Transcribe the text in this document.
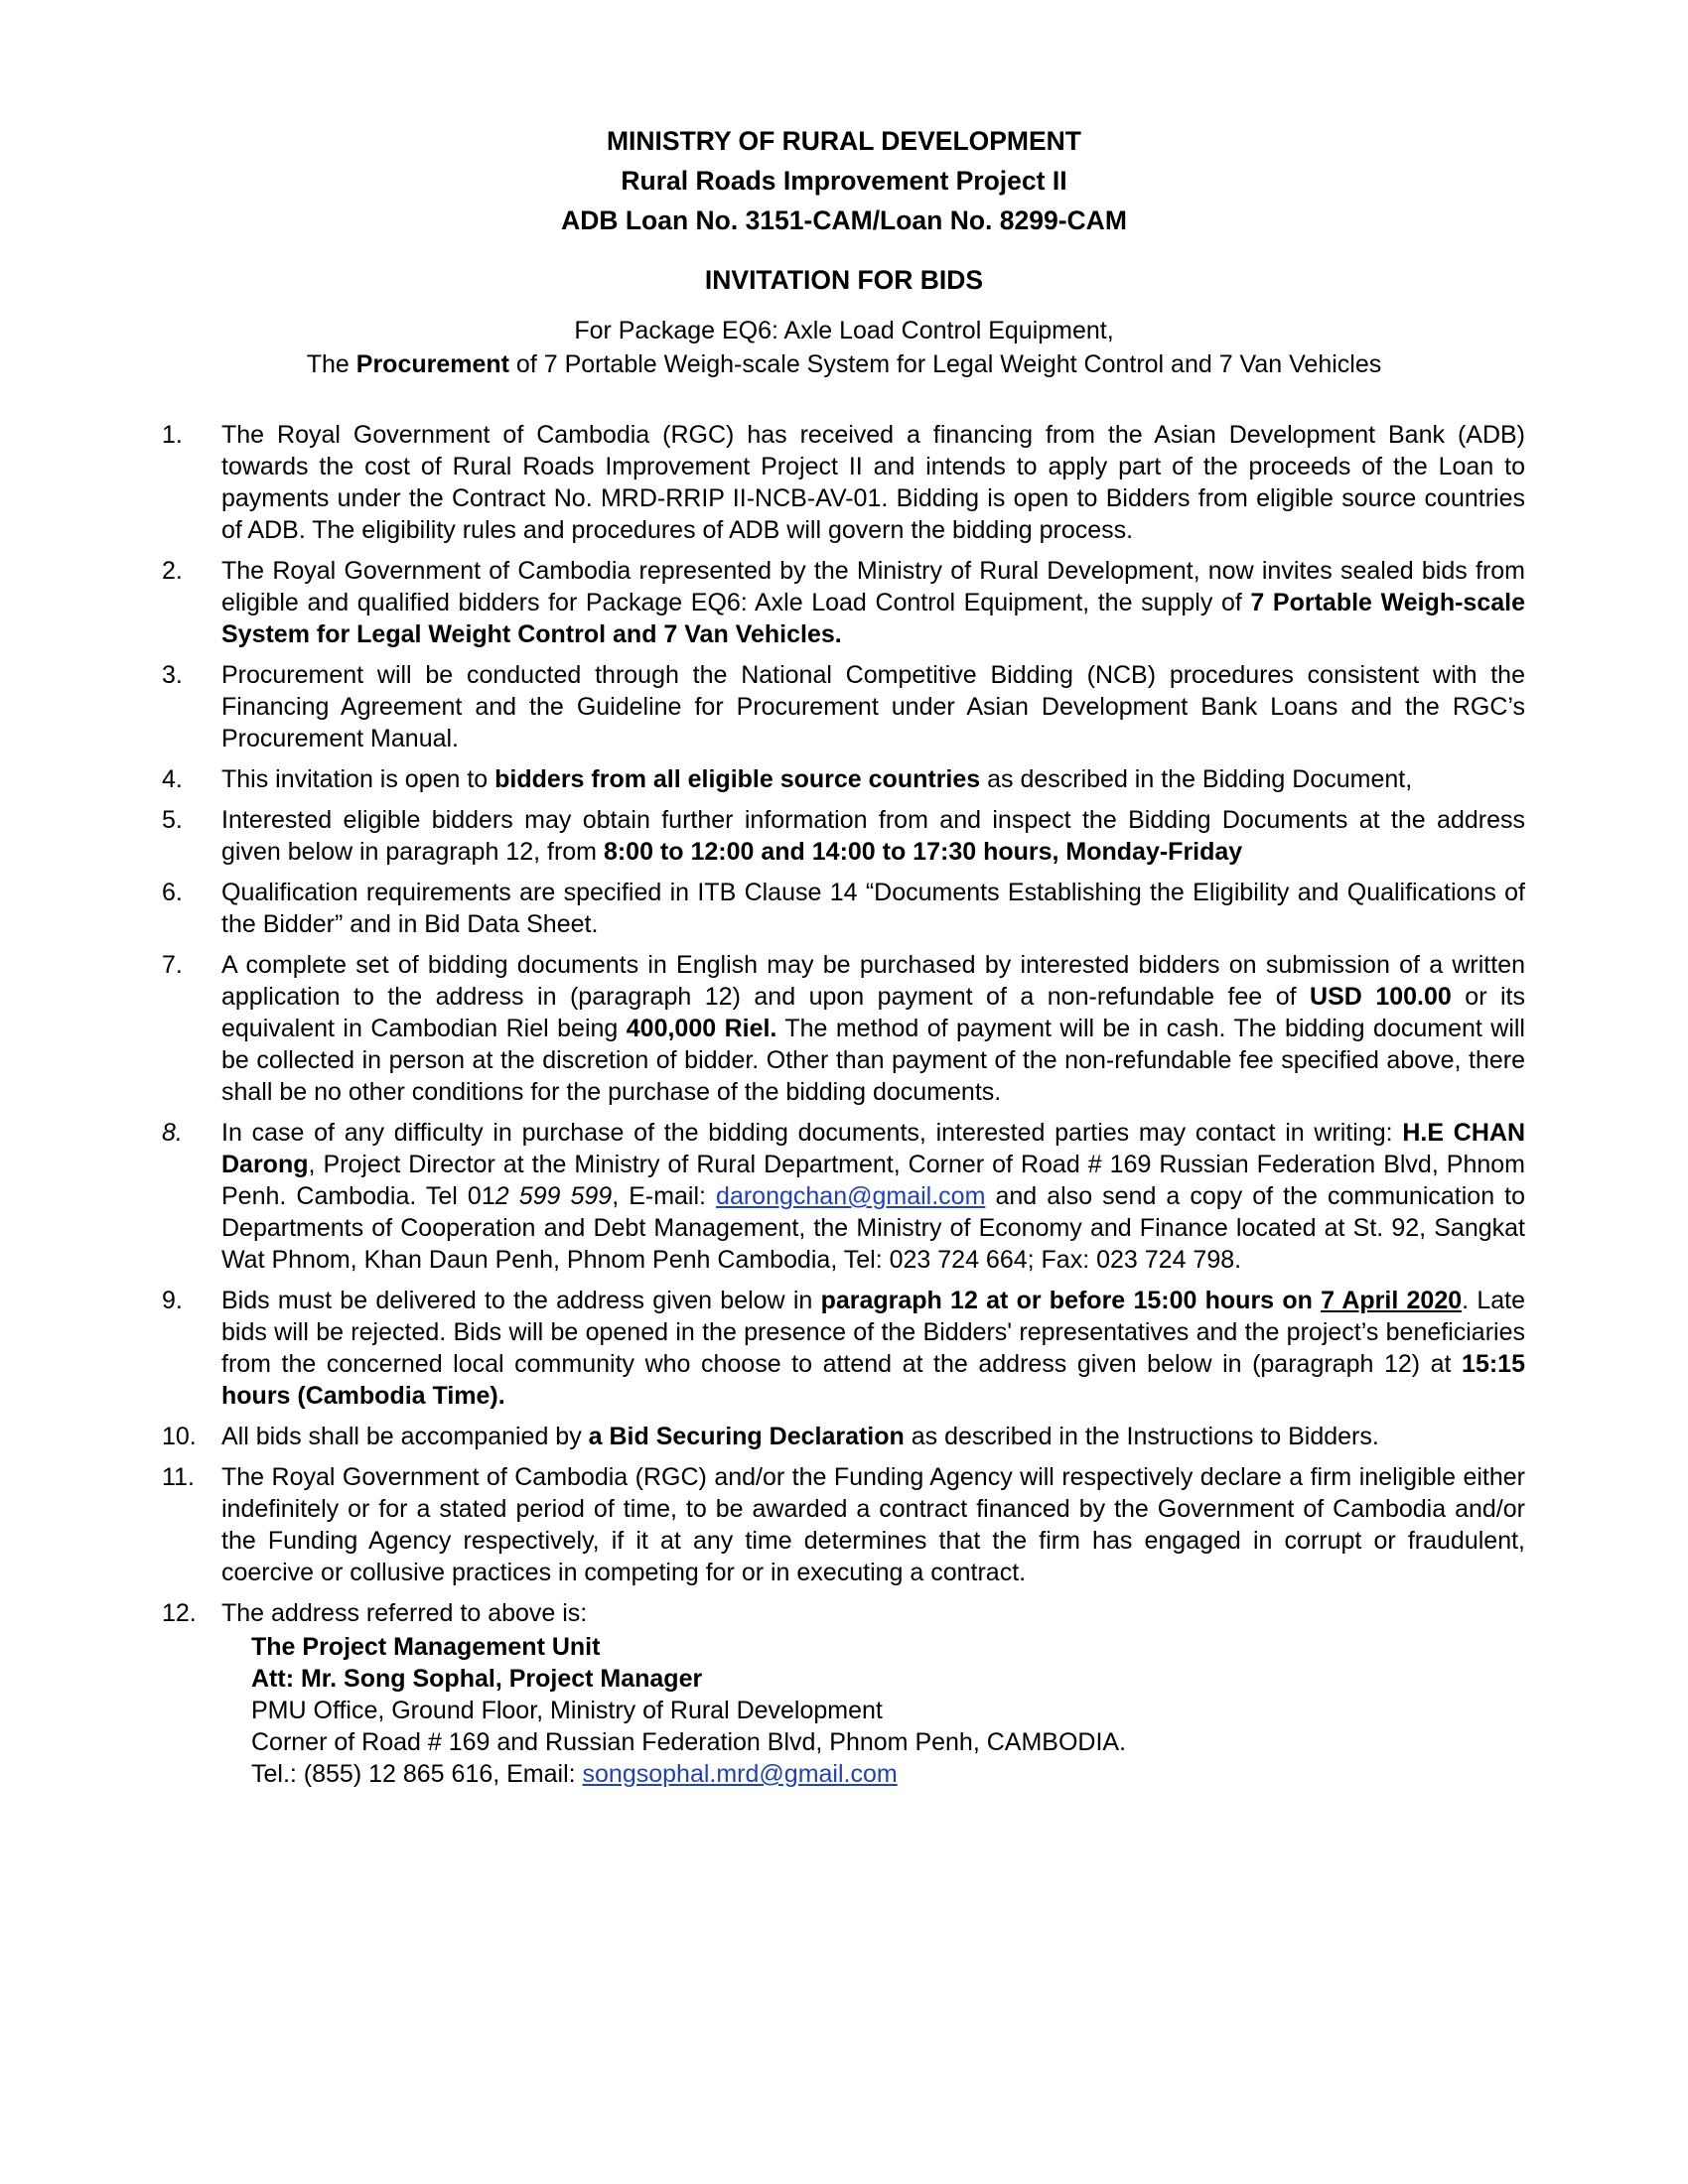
MINISTRY OF RURAL DEVELOPMENT
Rural Roads Improvement Project II
ADB Loan No. 3151-CAM/Loan No. 8299-CAM
INVITATION FOR BIDS
For Package EQ6: Axle Load Control Equipment,
The Procurement of 7 Portable Weigh-scale System for Legal Weight Control and 7 Van Vehicles
1.	The Royal Government of Cambodia (RGC) has received a financing from the Asian Development Bank (ADB) towards the cost of Rural Roads Improvement Project II and intends to apply part of the proceeds of the Loan to payments under the Contract No. MRD-RRIP II-NCB-AV-01. Bidding is open to Bidders from eligible source countries of ADB. The eligibility rules and procedures of ADB will govern the bidding process.
2.	The Royal Government of Cambodia represented by the Ministry of Rural Development, now invites sealed bids from eligible and qualified bidders for Package EQ6: Axle Load Control Equipment, the supply of 7 Portable Weigh-scale System for Legal Weight Control and 7 Van Vehicles.
3.	Procurement will be conducted through the National Competitive Bidding (NCB) procedures consistent with the Financing Agreement and the Guideline for Procurement under Asian Development Bank Loans and the RGC’s Procurement Manual.
4.	This invitation is open to bidders from all eligible source countries as described in the Bidding Document,
5.	Interested eligible bidders may obtain further information from and inspect the Bidding Documents at the address given below in paragraph 12, from 8:00 to 12:00 and 14:00 to 17:30 hours, Monday-Friday
6.	Qualification requirements are specified in ITB Clause 14 “Documents Establishing the Eligibility and Qualifications of the Bidder” and in Bid Data Sheet.
7.	A complete set of bidding documents in English may be purchased by interested bidders on submission of a written application to the address in (paragraph 12) and upon payment of a non-refundable fee of USD 100.00 or its equivalent in Cambodian Riel being 400,000 Riel. The method of payment will be in cash. The bidding document will be collected in person at the discretion of bidder. Other than payment of the non-refundable fee specified above, there shall be no other conditions for the purchase of the bidding documents.
8.	In case of any difficulty in purchase of the bidding documents, interested parties may contact in writing: H.E CHAN Darong, Project Director at the Ministry of Rural Department, Corner of Road # 169 Russian Federation Blvd, Phnom Penh. Cambodia. Tel 012 599 599, E-mail: darongchan@gmail.com and also send a copy of the communication to Departments of Cooperation and Debt Management, the Ministry of Economy and Finance located at St. 92, Sangkat Wat Phnom, Khan Daun Penh, Phnom Penh Cambodia, Tel: 023 724 664; Fax: 023 724 798.
9.	Bids must be delivered to the address given below in paragraph 12 at or before 15:00 hours on 7 April 2020. Late bids will be rejected. Bids will be opened in the presence of the Bidders' representatives and the project’s beneficiaries from the concerned local community who choose to attend at the address given below in (paragraph 12) at 15:15 hours (Cambodia Time).
10.	All bids shall be accompanied by a Bid Securing Declaration as described in the Instructions to Bidders.
11.	The Royal Government of Cambodia (RGC) and/or the Funding Agency will respectively declare a firm ineligible either indefinitely or for a stated period of time, to be awarded a contract financed by the Government of Cambodia and/or the Funding Agency respectively, if it at any time determines that the firm has engaged in corrupt or fraudulent, coercive or collusive practices in competing for or in executing a contract.
12.	The address referred to above is:
The Project Management Unit
Att: Mr. Song Sophal, Project Manager
PMU Office, Ground Floor, Ministry of Rural Development
Corner of Road # 169 and Russian Federation Blvd, Phnom Penh, CAMBODIA.
Tel.: (855) 12 865 616, Email: songsophal.mrd@gmail.com
